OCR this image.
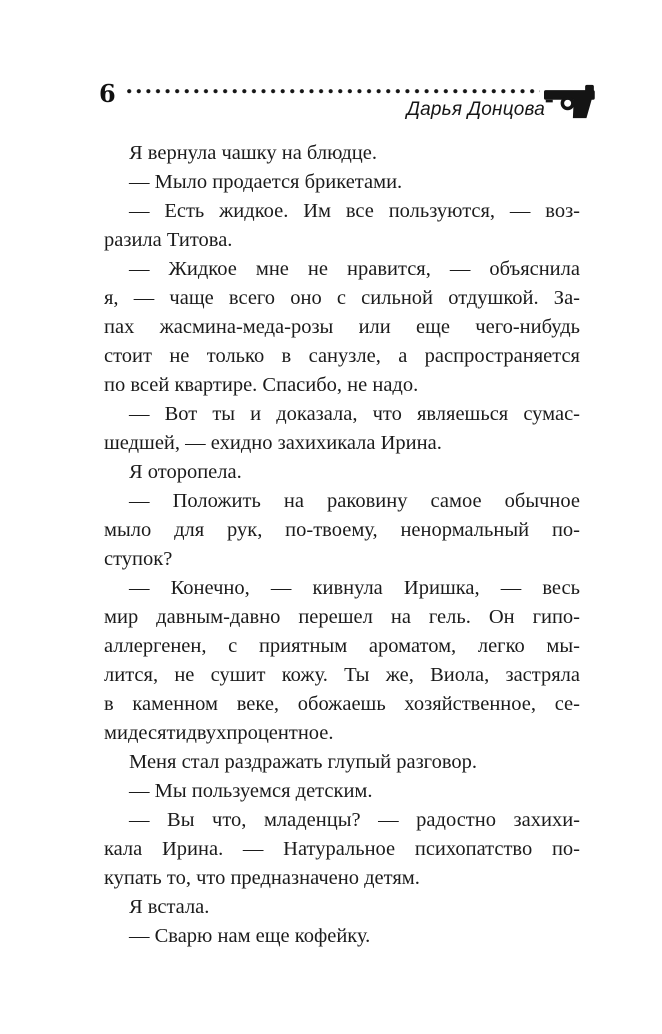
6
Дарья Донцова
Я вернула чашку на блюдце.
— Мыло продается брикетами.
— Есть жидкое. Им все пользуются, — воз-
разила Титова.
— Жидкое мне не нравится, — объяснила
я, — чаще всего оно с сильной отдушкой. За-
пах жасмина-меда-розы или еще чего-нибудь
стоит не только в санузле, а распространяется
по всей квартире. Спасибо, не надо.
— Вот ты и доказала, что являешься сумас-
шедшей, — ехидно захихикала Ирина.
Я оторопела.
— Положить на раковину самое обычное
мыло для рук, по-твоему, ненормальный по-
ступок?
— Конечно, — кивнула Иришка, — весь
мир давным-давно перешел на гель. Он гипо-
аллергенен, с приятным ароматом, легко мы-
лится, не сушит кожу. Ты же, Виола, застряла
в каменном веке, обожаешь хозяйственное, се-
мидесятидвухпроцентное.
Меня стал раздражать глупый разговор.
— Мы пользуемся детским.
— Вы что, младенцы? — радостно захихи-
кала Ирина. — Натуральное психопатство по-
купать то, что предназначено детям.
Я встала.
— Сварю нам еще кофейку.
